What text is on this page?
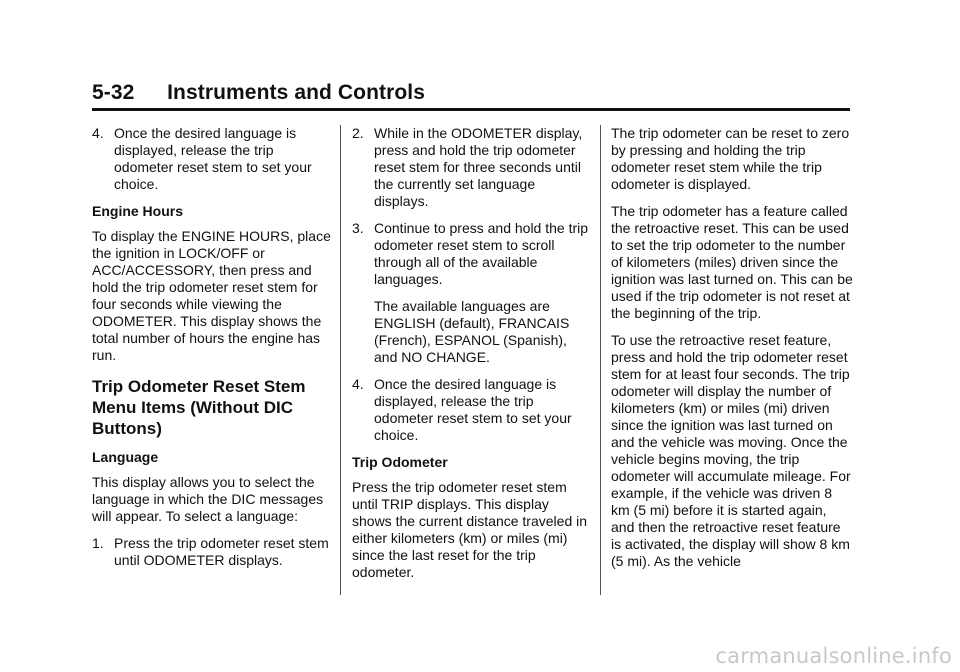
5-32 Instruments and Controls
4. Once the desired language is displayed, release the trip odometer reset stem to set your choice.

Engine Hours

To display the ENGINE HOURS, place the ignition in LOCK/OFF or ACC/ACCESSORY, then press and hold the trip odometer reset stem for four seconds while viewing the ODOMETER. This display shows the total number of hours the engine has run.

Trip Odometer Reset Stem Menu Items (Without DIC Buttons)

Language

This display allows you to select the language in which the DIC messages will appear. To select a language:

1. Press the trip odometer reset stem until ODOMETER displays.
2. While in the ODOMETER display, press and hold the trip odometer reset stem for three seconds until the currently set language displays.
3. Continue to press and hold the trip odometer reset stem to scroll through all of the available languages.

The available languages are ENGLISH (default), FRANCAIS (French), ESPANOL (Spanish), and NO CHANGE.

4. Once the desired language is displayed, release the trip odometer reset stem to set your choice.

Trip Odometer

Press the trip odometer reset stem until TRIP displays. This display shows the current distance traveled in either kilometers (km) or miles (mi) since the last reset for the trip odometer.

The trip odometer can be reset to zero by pressing and holding the trip odometer reset stem while the trip odometer is displayed.

The trip odometer has a feature called the retroactive reset. This can be used to set the trip odometer to the number of kilometers (miles) driven since the ignition was last turned on. This can be used if the trip odometer is not reset at the beginning of the trip.

To use the retroactive reset feature, press and hold the trip odometer reset stem for at least four seconds. The trip odometer will display the number of kilometers (km) or miles (mi) driven since the ignition was last turned on and the vehicle was moving. Once the vehicle begins moving, the trip odometer will accumulate mileage. For example, if the vehicle was driven 8 km (5 mi) before it is started again, and then the retroactive reset feature is activated, the display will show 8 km (5 mi). As the vehicle

carmanualsonline.info
